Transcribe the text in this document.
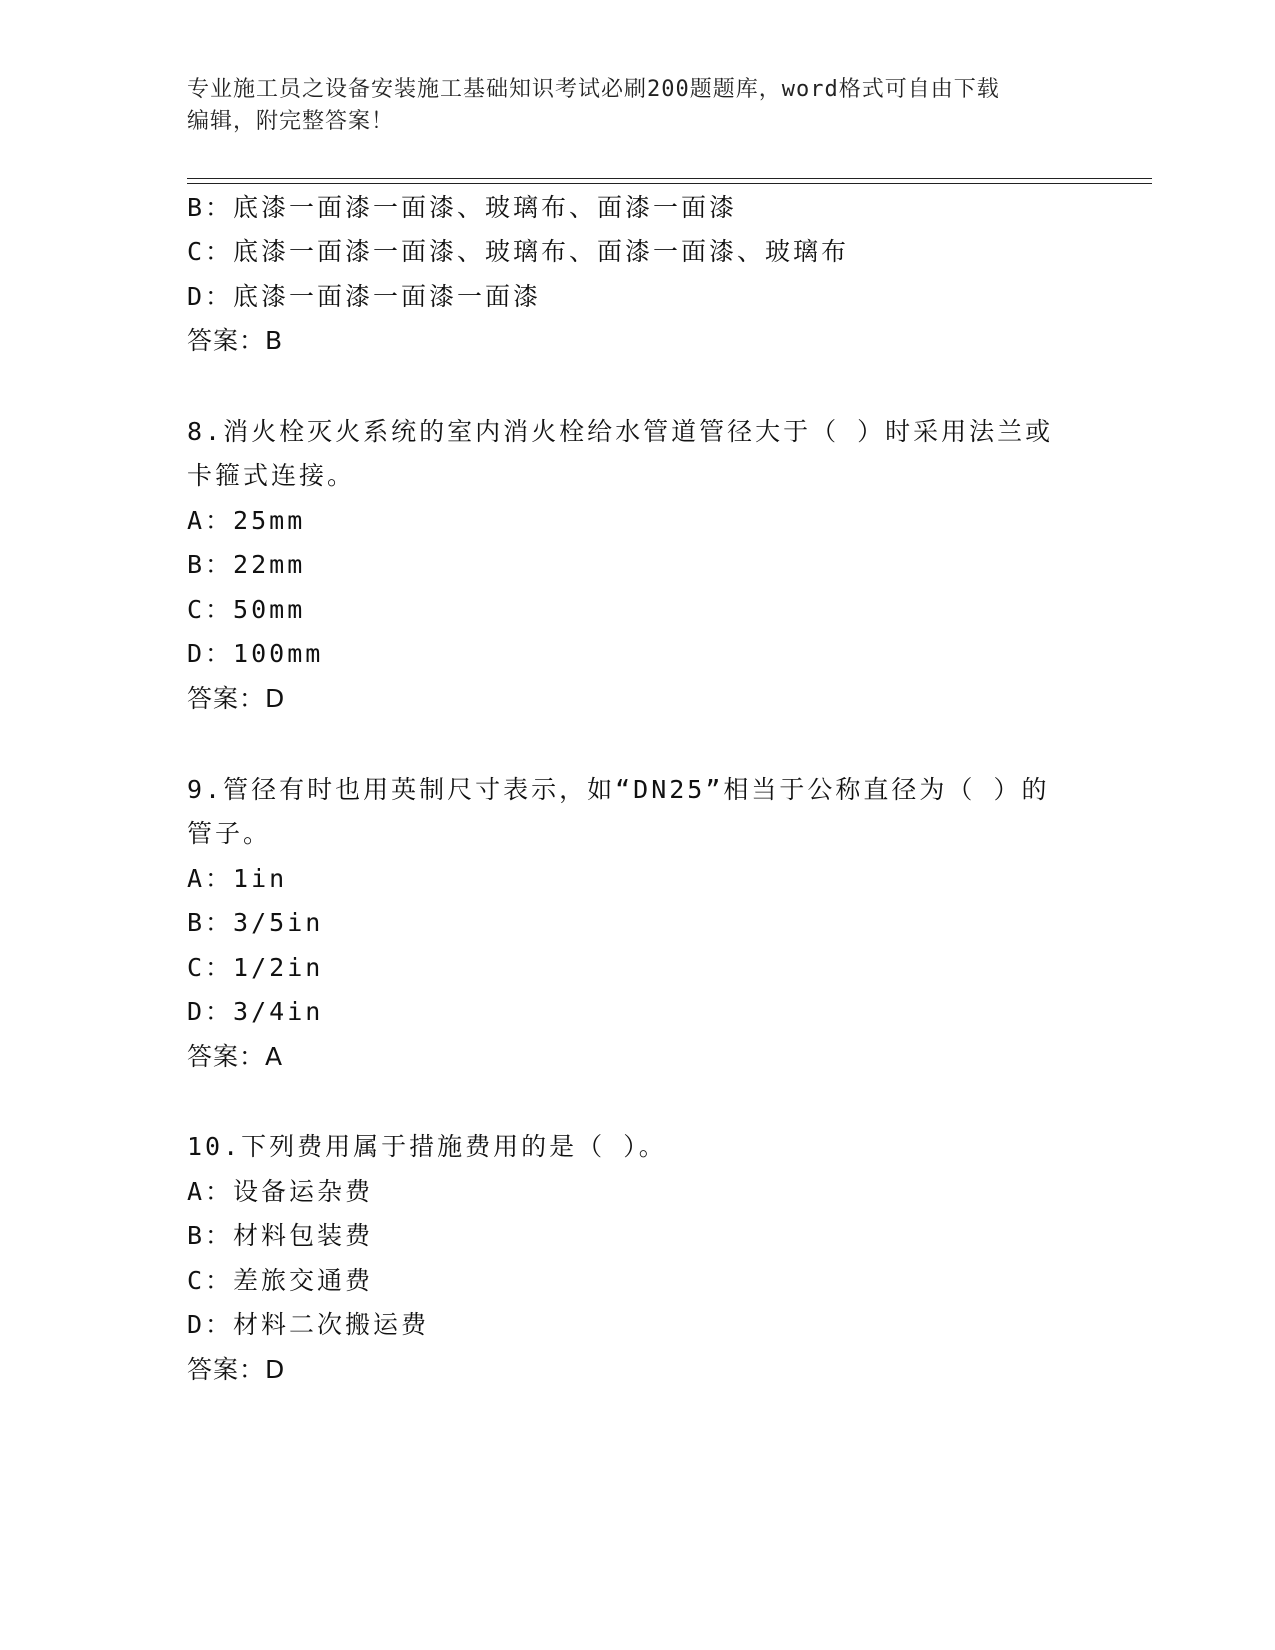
专业施工员之设备安装施工基础知识考试必刷200题题库，word格式可自由下载
编辑，附完整答案！
B：底漆一面漆一面漆、玻璃布、面漆一面漆
C：底漆一面漆一面漆、玻璃布、面漆一面漆、玻璃布
D：底漆一面漆一面漆一面漆
答案：B
8.消火栓灭火系统的室内消火栓给水管道管径大于（ ）时采用法兰或
卡箍式连接。
A：25mm
B：22mm
C：50mm
D：100mm
答案：D
9.管径有时也用英制尺寸表示，如“DN25”相当于公称直径为（ ）的
管子。
A：1in
B：3/5in
C：1/2in
D：3/4in
答案：A
10.下列费用属于措施费用的是（ ）。
A：设备运杂费
B：材料包装费
C：差旅交通费
D：材料二次搬运费
答案：D
